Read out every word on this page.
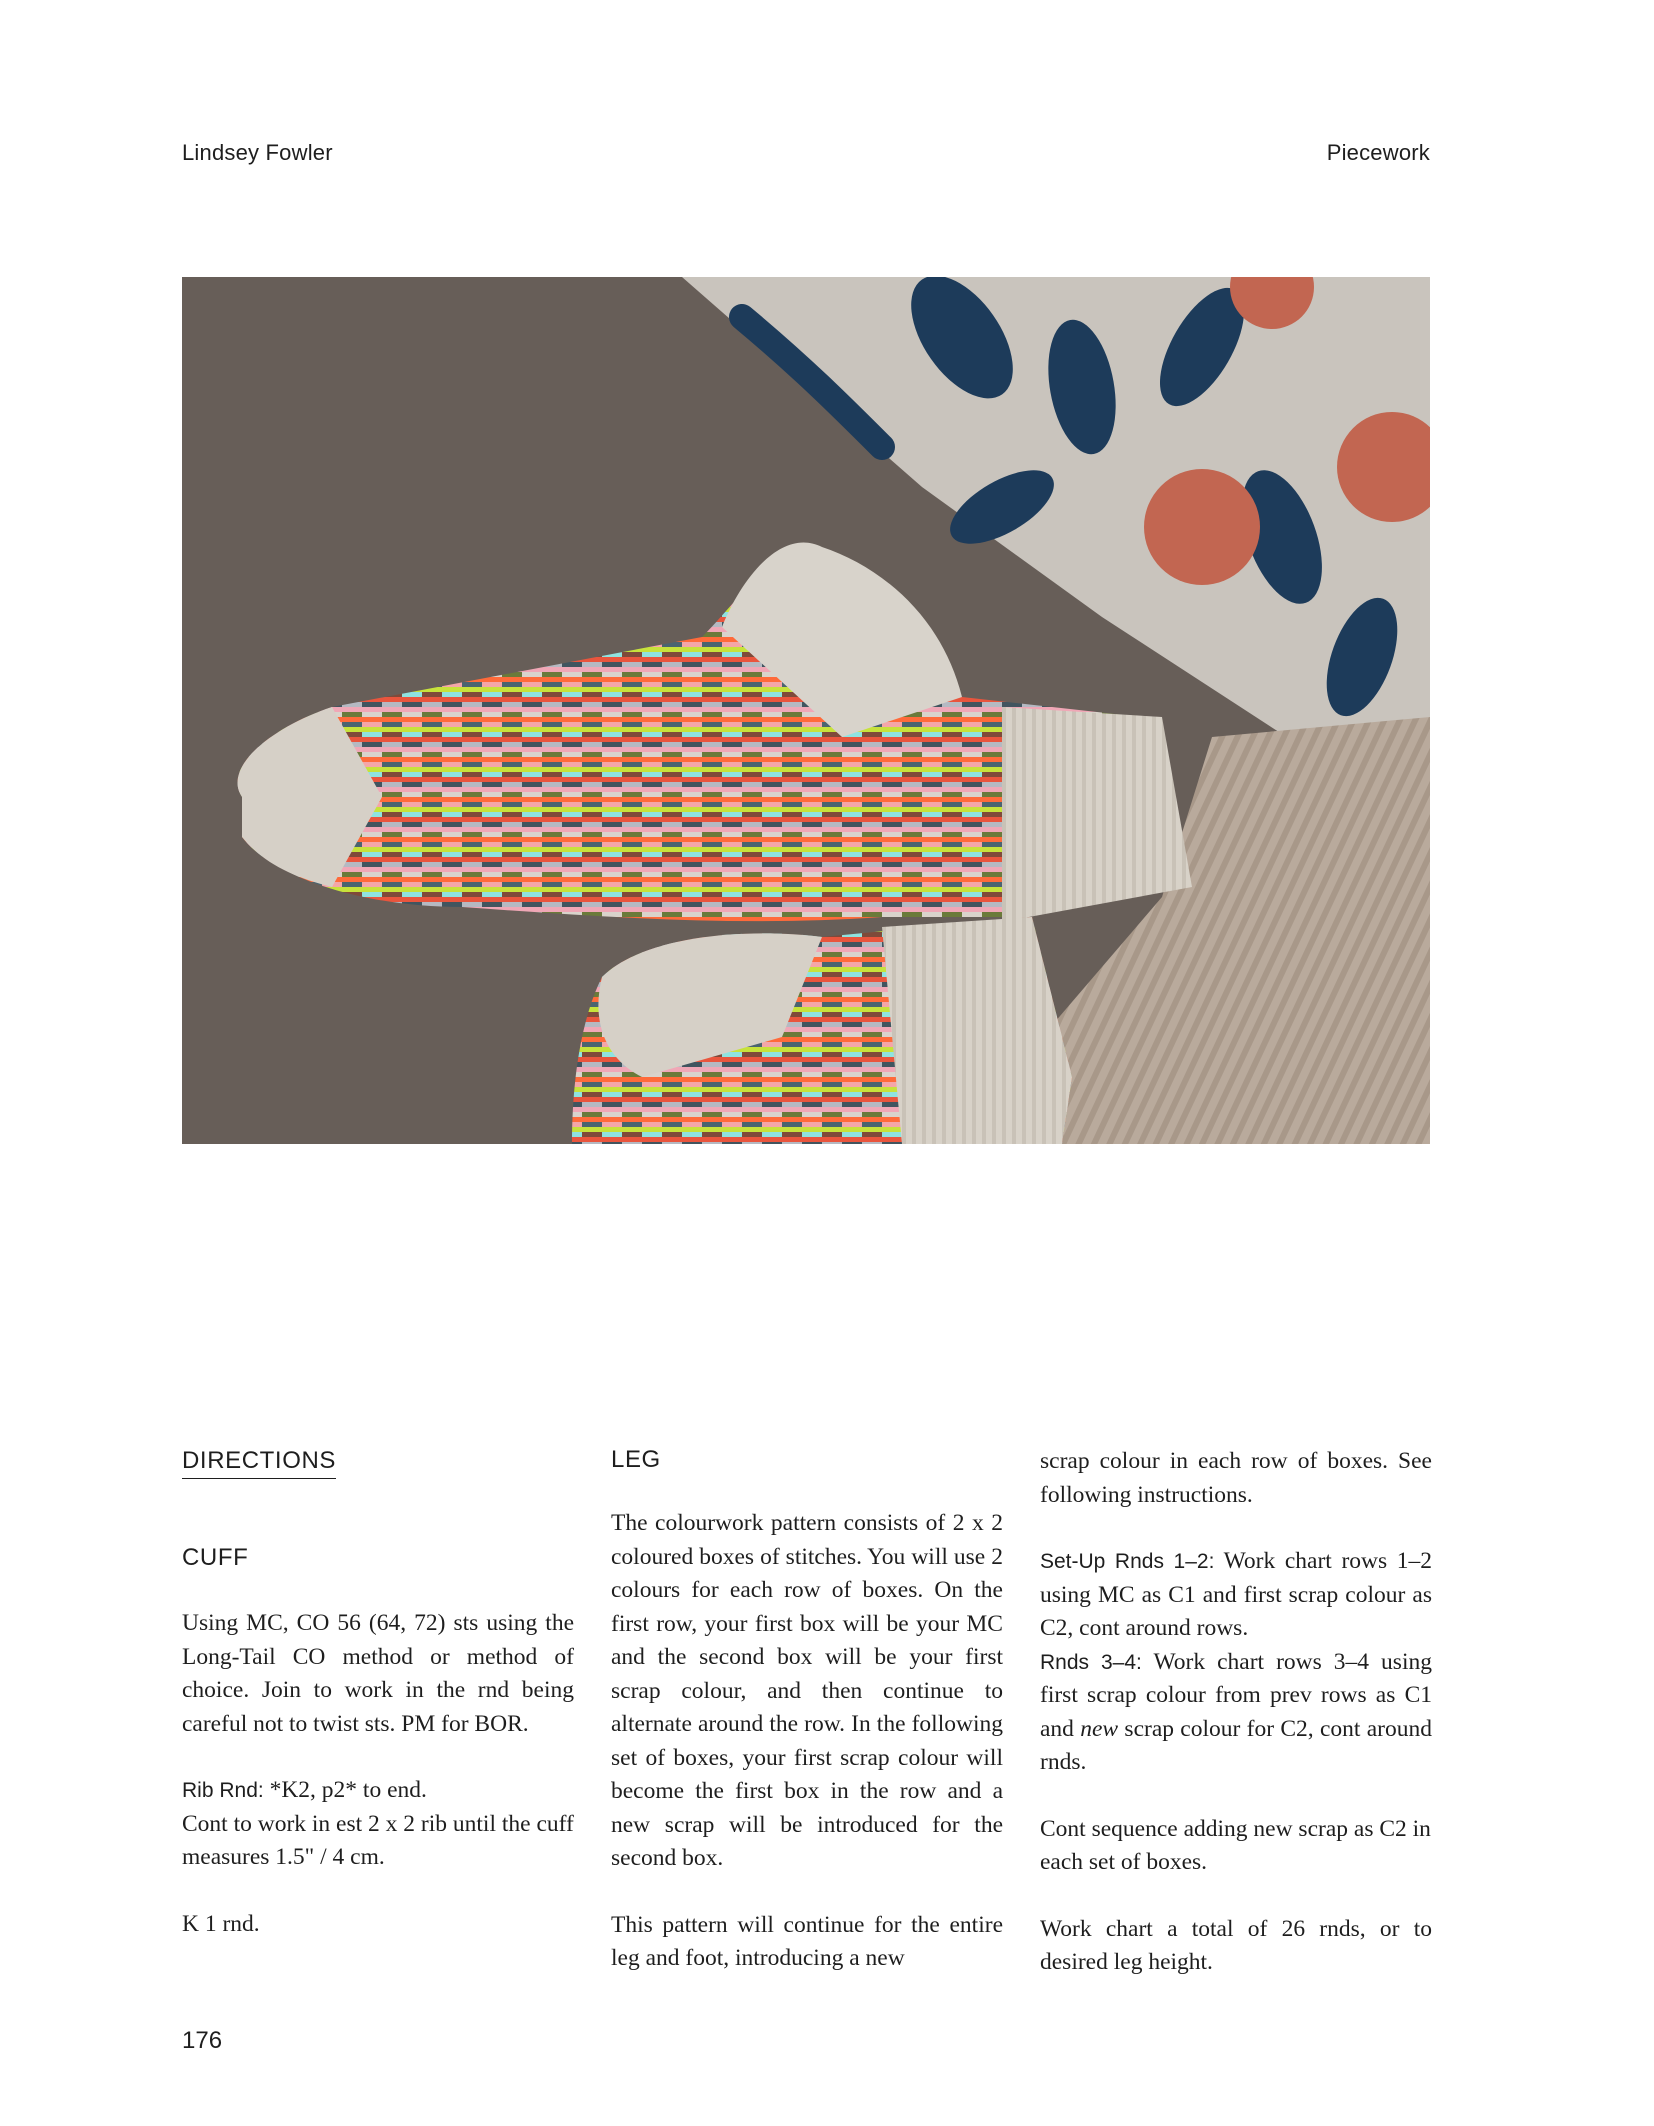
Lindsey Fowler	Piecework
DIRECTIONS
CUFF

Using MC, CO 56 (64, 72) sts using the Long-Tail CO method or method of choice. Join to work in the rnd being careful not to twist sts. PM for BOR.

Rib Rnd: *K2, p2* to end.

Cont to work in est 2 x 2 rib until the cuff measures 1.5" / 4 cm.

K 1 rnd.

LEG

The colourwork pattern consists of 2 x 2 coloured boxes of stitches. You will use 2 colours for each row of boxes. On the first row, your first box will be your MC and the second box will be your first scrap colour, and then continue to alternate around the row. In the following set of boxes, your first scrap colour will become the first box in the row and a new scrap will be introduced for the second box.

This pattern will continue for the entire leg and foot, introducing a new

scrap colour in each row of boxes. See following instructions.

Set-Up Rnds 1–2: Work chart rows 1–2 using MC as C1 and first scrap colour as C2, cont around rows.

Rnds 3–4: Work chart rows 3–4 using first scrap colour from prev rows as C1 and new scrap colour for C2, cont around rnds.

Cont sequence adding new scrap as C2 in each set of boxes.

Work chart a total of 26 rnds, or to desired leg height.

176
